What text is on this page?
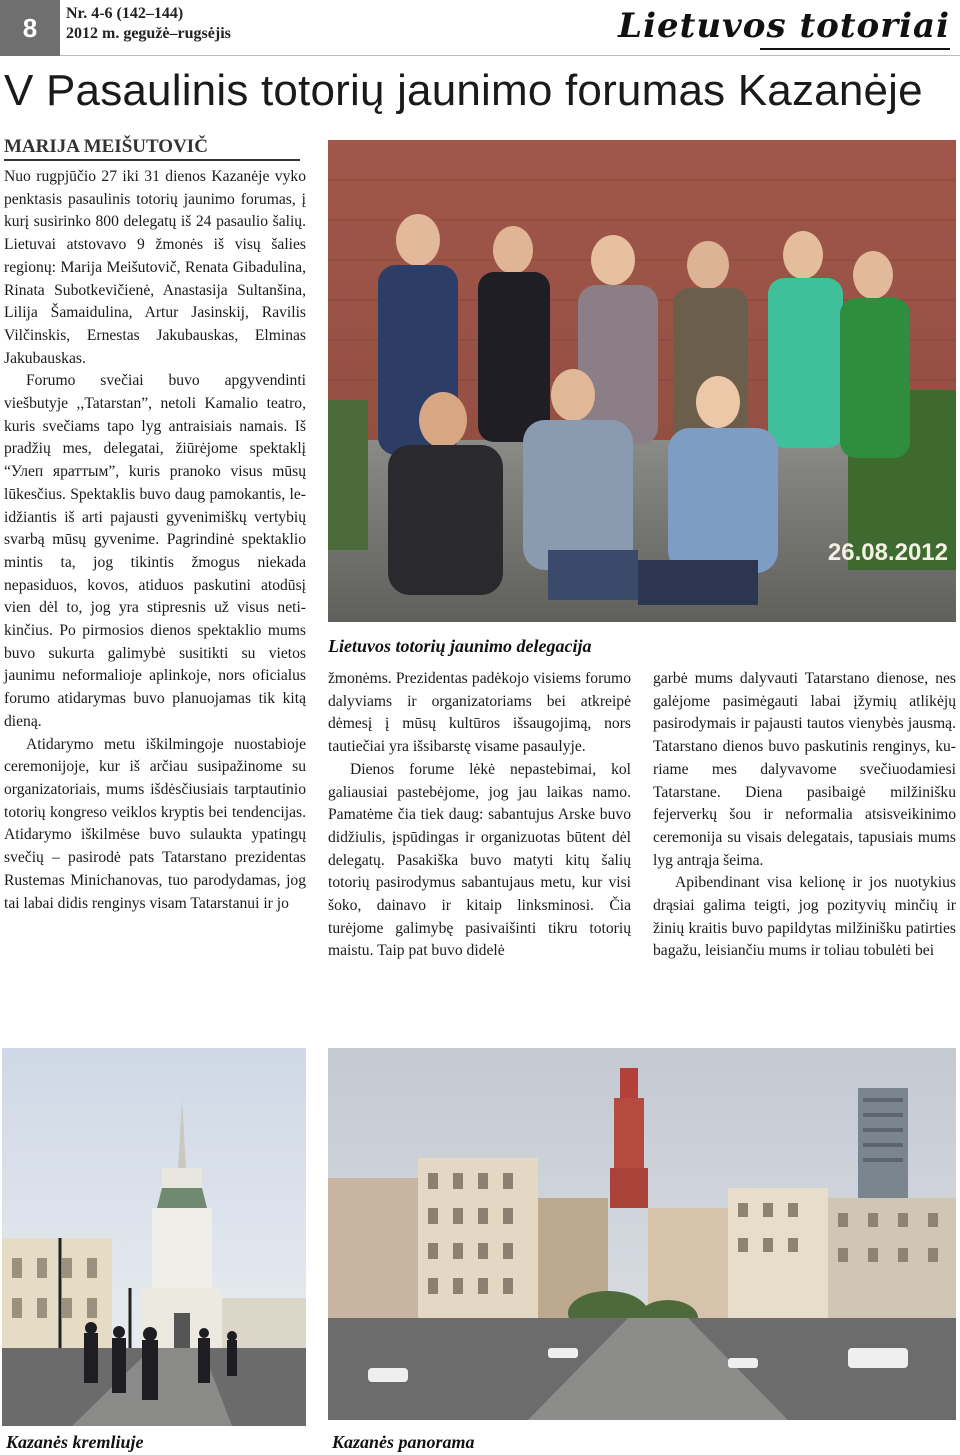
8	Nr. 4-6 (142–144)
2012 m. gegužė–rugsėjis	Lietuvos totoriai
V Pasaulinis totorių jaunimo forumas Kazanėje
MARIJA MEIŠUTOVIČ

Nuo rugpjūčio 27 iki 31 dienos Kazanėje vyko penktasis pasaulinis totorių jaunimo forumas, į kurį susirinko 800 delegatų iš 24 pasaulio šalių. Lietuvai atstovavo 9 žmonės iš visų šalies regionų: Marija Meišutovič, Renata Gibadulina, Rinata Subotkevičienė, Anastasija Sultanšina, Lilija Šamaidulina, Artur Jasinskij, Ravilis Vilčinskis, Ernestas Jakubauskas, Elminas Jakubauskas.

Forumo svečiai buvo apgyvendinti viešbutyje ,,Tatarstan”, netoli Kamalio teatro, kuris svečiams tapo lyg antraisiais namais. Iš pradžių mes, delegatai, žiūrėjome spektaklį “Улеп яраттым”, kuris pranoko visus mūsų lūkesčius. Spektaklis buvo daug pamokantis, leidžiantis iš arti pajausti gyvenimiškų vertybių svarbą mūsų gyvenime. Pagrindinė spektaklio mintis ta, jog tikintis žmogus niekada nepasiduos, kovos, atiduos paskutini atodūsį vien dėl to, jog yra stipresnis už visus netikinčius. Po pirmosios dienos spektaklio mums buvo sukurta galimybė susitikti su vietos jaunimu neformalioje aplinkoje, nors oficialus forumo atidarymas buvo planuojamas tik kitą dieną.

Atidarymo metu iškilmingoje nuostabioje ceremonijoje, kur iš arčiau susipažinome su organizatoriais, mums išdėsčiusiais tarptautinio totorių kongreso veiklos kryptis bei tendencijas. Atidarymo iškilmėse buvo sulaukta ypatingų svečių – pasirodė pats Tatarstano prezidentas Rustemas Minichanovas, tuo parodydamas, jog tai labai didis renginys visam Tatarstanui ir jo

26.08.2012
Lietuvos totorių jaunimo delegacija

žmonėms. Prezidentas padėkojo visiems forumo dalyviams ir organizatoriams bei atkreipė dėmesį į mūsų kultūros išsaugojimą, nors tautiečiai yra išsibarstę visame pasaulyje.

Dienos forume lėkė nepastebimai, kol galiausiai pastebėjome, jog jau laikas namo. Pamatėme čia tiek daug: sabantujus Arske buvo didžiulis, įspūdingas ir organizuotas būtent dėl delegatų. Pasakiška buvo matyti kitų šalių totorių pasirodymus sabantujaus metu, kur visi šoko, dainavo ir kitaip linksminosi. Čia turėjome galimybę pasivaišinti tikru totorių maistu. Taip pat buvo didelė

garbė mums dalyvauti Tatarstano dienose, nes galėjome pasimėgauti labai įžymių atlikėjų pasirodymais ir pajausti tautos vienybės jausmą. Tatarstano dienos buvo paskutinis renginys, kuriame mes dalyvavome svečiuodamiesi Tatarstane. Diena pasibaigė milžinišku fejerverkų šou ir neformalia atsisveikinimo ceremonija su visais delegatais, tapusiais mums lyg antrąja šeima.

Apibendinant visa kelionę ir jos nuotykius drąsiai galima teigti, jog pozityvių minčių ir žinių kraitis buvo papildytas milžinišku patirties bagažu, leisiančiu mums ir toliau tobulėti bei

Kazanės kremliuje	Kazanės panorama
